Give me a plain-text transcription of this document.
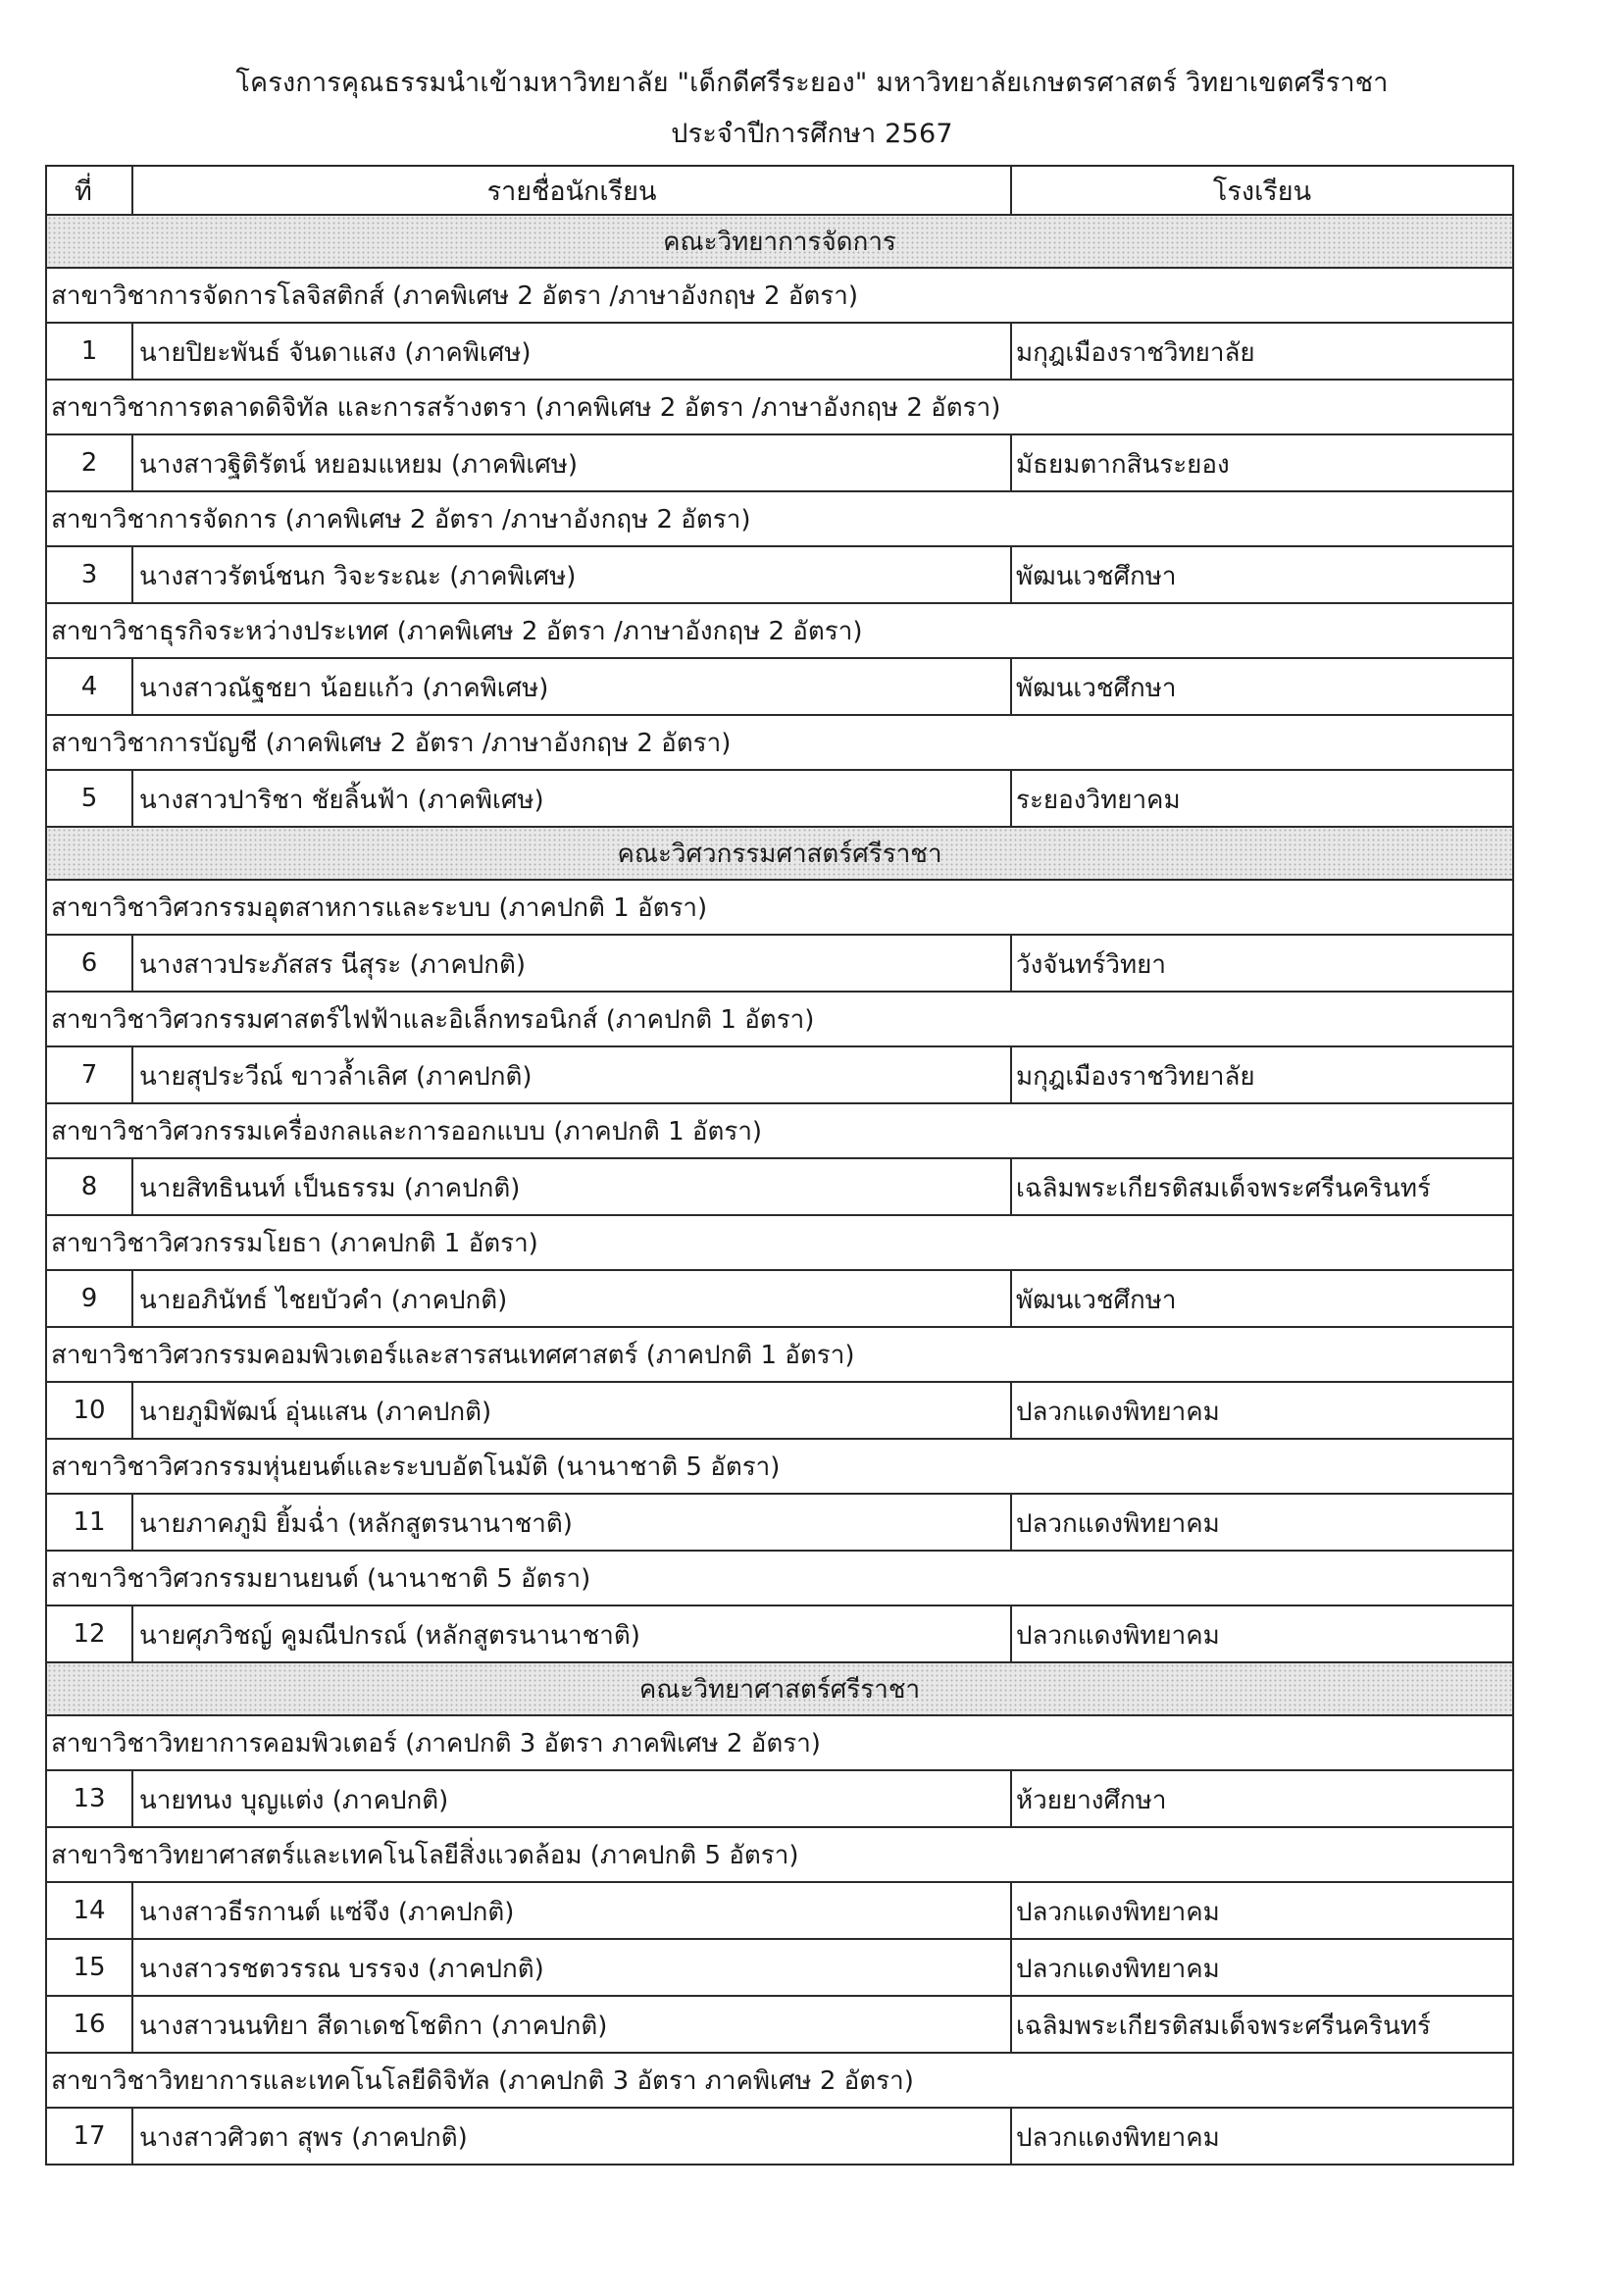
โครงการคุณธรรมนำเข้ามหาวิทยาลัย "เด็กดีศรีระยอง" มหาวิทยาลัยเกษตรศาสตร์ วิทยาเขตศรีราชา
ประจำปีการศึกษา 2567
ที่	รายชื่อนักเรียน	โรงเรียน
คณะวิทยาการจัดการ		
สาขาวิชาการจัดการโลจิสติกส์ (ภาคพิเศษ 2 อัตรา /ภาษาอังกฤษ 2 อัตรา)		
1	นายปิยะพันธ์ จันดาแสง (ภาคพิเศษ)	มกุฎเมืองราชวิทยาลัย
สาขาวิชาการตลาดดิจิทัล และการสร้างตรา (ภาคพิเศษ 2 อัตรา /ภาษาอังกฤษ 2 อัตรา)		
2	นางสาวฐิติรัตน์ หยอมแหยม (ภาคพิเศษ)	มัธยมตากสินระยอง
สาขาวิชาการจัดการ (ภาคพิเศษ 2 อัตรา /ภาษาอังกฤษ 2 อัตรา)		
3	นางสาวรัตน์ชนก วิจะระณะ (ภาคพิเศษ)	พัฒนเวชศึกษา
สาขาวิชาธุรกิจระหว่างประเทศ (ภาคพิเศษ 2 อัตรา /ภาษาอังกฤษ 2 อัตรา)		
4	นางสาวณัฐชยา น้อยแก้ว (ภาคพิเศษ)	พัฒนเวชศึกษา
สาขาวิชาการบัญชี (ภาคพิเศษ 2 อัตรา /ภาษาอังกฤษ 2 อัตรา)		
5	นางสาวปาริชา ชัยลิ้นฟ้า (ภาคพิเศษ)	ระยองวิทยาคม
คณะวิศวกรรมศาสตร์ศรีราชา		
สาขาวิชาวิศวกรรมอุตสาหการและระบบ (ภาคปกติ 1 อัตรา)		
6	นางสาวประภัสสร นีสุระ (ภาคปกติ)	วังจันทร์วิทยา
สาขาวิชาวิศวกรรมศาสตร์ไฟฟ้าและอิเล็กทรอนิกส์ (ภาคปกติ 1 อัตรา)		
7	นายสุประวีณ์ ขาวล้ำเลิศ (ภาคปกติ)	มกุฎเมืองราชวิทยาลัย
สาขาวิชาวิศวกรรมเครื่องกลและการออกแบบ (ภาคปกติ 1 อัตรา)		
8	นายสิทธินนท์ เป็นธรรม (ภาคปกติ)	เฉลิมพระเกียรติสมเด็จพระศรีนครินทร์
สาขาวิชาวิศวกรรมโยธา (ภาคปกติ 1 อัตรา)		
9	นายอภินัทธ์ ไชยบัวคำ (ภาคปกติ)	พัฒนเวชศึกษา
สาขาวิชาวิศวกรรมคอมพิวเตอร์และสารสนเทศศาสตร์ (ภาคปกติ 1 อัตรา)		
10	นายภูมิพัฒน์ อุ่นแสน (ภาคปกติ)	ปลวกแดงพิทยาคม
สาขาวิชาวิศวกรรมหุ่นยนต์และระบบอัตโนมัติ (นานาชาติ 5 อัตรา)		
11	นายภาคภูมิ ยิ้มฉ่ำ (หลักสูตรนานาชาติ)	ปลวกแดงพิทยาคม
สาขาวิชาวิศวกรรมยานยนต์ (นานาชาติ 5 อัตรา)		
12	นายศุภวิชญ์ คูมณีปกรณ์ (หลักสูตรนานาชาติ)	ปลวกแดงพิทยาคม
คณะวิทยาศาสตร์ศรีราชา		
สาขาวิชาวิทยาการคอมพิวเตอร์ (ภาคปกติ 3 อัตรา ภาคพิเศษ 2 อัตรา)		
13	นายทนง บุญแต่ง (ภาคปกติ)	ห้วยยางศึกษา
สาขาวิชาวิทยาศาสตร์และเทคโนโลยีสิ่งแวดล้อม (ภาคปกติ 5 อัตรา)		
14	นางสาวธีรกานต์ แซ่จึง (ภาคปกติ)	ปลวกแดงพิทยาคม
15	นางสาวรชตวรรณ บรรจง (ภาคปกติ)	ปลวกแดงพิทยาคม
16	นางสาวนนทิยา สีดาเดชโชติกา (ภาคปกติ)	เฉลิมพระเกียรติสมเด็จพระศรีนครินทร์
สาขาวิชาวิทยาการและเทคโนโลยีดิจิทัล (ภาคปกติ 3 อัตรา ภาคพิเศษ 2 อัตรา)		
17	นางสาวศิวตา สุพร (ภาคปกติ)	ปลวกแดงพิทยาคม
